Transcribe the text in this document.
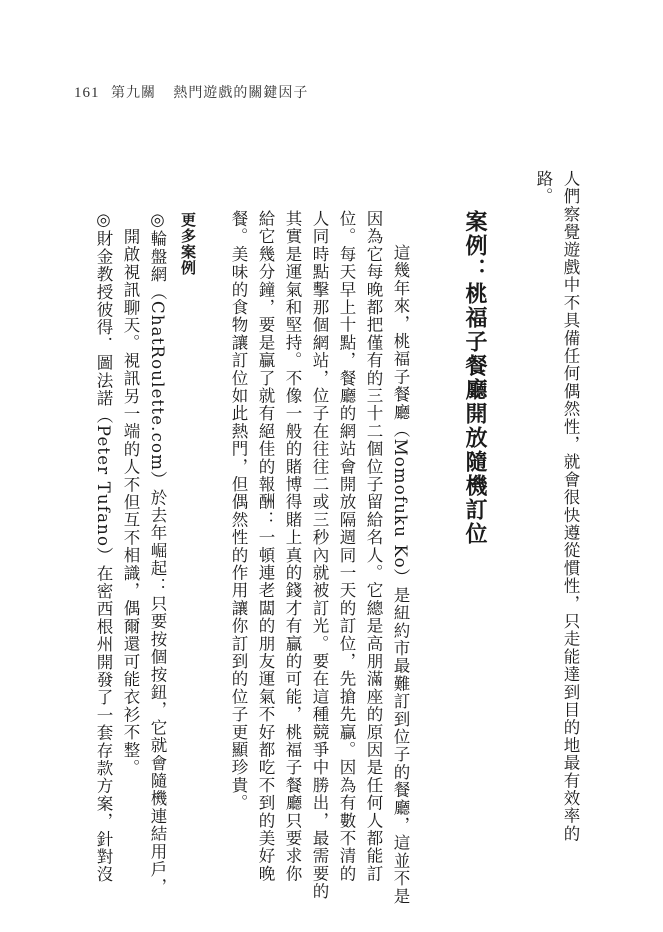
161 第九關 熱門遊戲的關鍵因子
人們察覺遊戲中不具備任何偶然性，就會很快遵從慣性，只走能達到目的地最有效率的
路。
案例：桃福子餐廳開放隨機訂位
這幾年來，桃福子餐廳（Momofuku Ko）是紐約市最難訂到位子的餐廳，這並不是
因為它每晚都把僅有的三十二個位子留給名人。它總是高朋滿座的原因是任何人都能訂
位。每天早上十點，餐廳的網站會開放隔週同一天的訂位，先搶先贏。因為有數不清的
人同時點擊那個網站，位子在往往二或三秒內就被訂光。要在這種競爭中勝出，最需要的
其實是運氣和堅持。不像一般的賭博得賭上真的錢才有贏的可能，桃福子餐廳只要求你
給它幾分鐘，要是贏了就有絕佳的報酬：一頓連老闆的朋友運氣不好都吃不到的美好晚
餐。美味的食物讓訂位如此熱門，但偶然性的作用讓你訂到的位子更顯珍貴。
更多案例
◎輪盤網（ChatRoulette.com）於去年崛起：只要按個按鈕，它就會隨機連結用戶，
開啟視訊聊天。視訊另一端的人不但互不相識，偶爾還可能衣衫不整。
◎財金教授彼得．圖法諾（Peter Tufano）在密西根州開發了一套存款方案，針對沒
